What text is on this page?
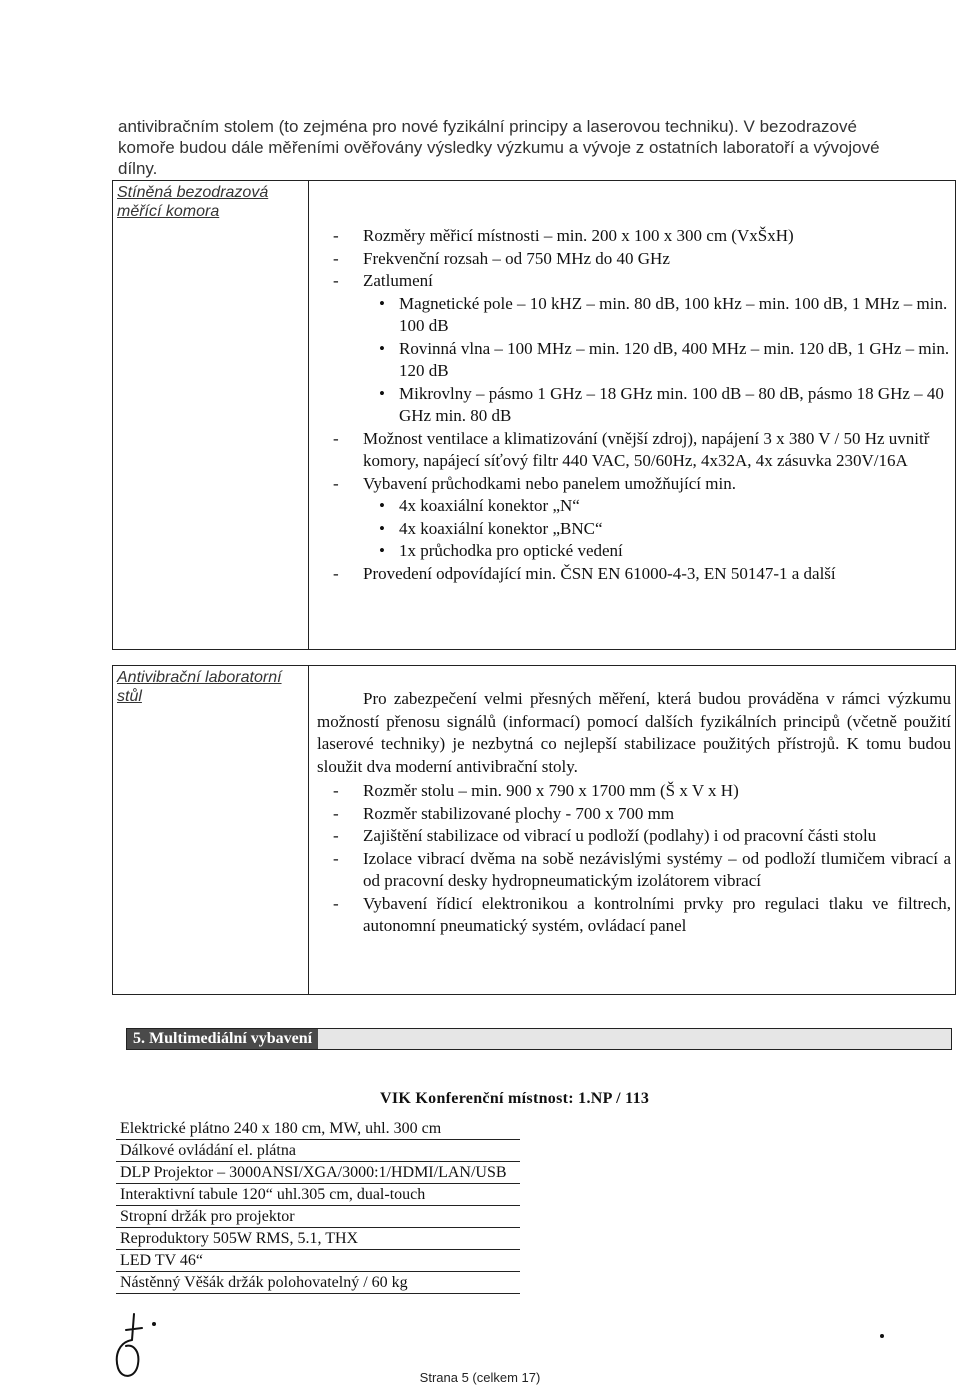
antivibračním stolem (to zejména pro nové fyzikální principy a laserovou techniku). V bezodrazové komoře budou dále měřeními ověřovány výsledky výzkumu a vývoje z ostatních laboratoří a vývojové dílny.
Stíněná bezodrazová měřící komora
- Rozměry měřicí místnosti – min. 200 x 100 x 300 cm (VxŠxH)
- Frekvenční rozsah – od 750 MHz do 40 GHz
- Zatlumení
• Magnetické pole – 10 kHZ – min. 80 dB, 100 kHz – min. 100 dB, 1 MHz – min. 100 dB
• Rovinná vlna – 100 MHz – min. 120 dB, 400 MHz – min. 120 dB, 1 GHz – min. 120 dB
• Mikrovlny – pásmo 1 GHz – 18 GHz min. 100 dB – 80 dB, pásmo 18 GHz – 40 GHz min. 80 dB
- Možnost ventilace a klimatizování (vnější zdroj), napájení 3 x 380 V / 50 Hz uvnitř komory, napájecí síťový filtr 440 VAC, 50/60Hz, 4x32A, 4x zásuvka 230V/16A
- Vybavení průchodkami nebo panelem umožňující min.
• 4x koaxiální konektor „N“
• 4x koaxiální konektor „BNC“
• 1x průchodka pro optické vedení
- Provedení odpovídající min. ČSN EN 61000-4-3, EN 50147-1 a další
Antivibrační laboratorní stůl	Pro zabezpečení velmi přesných měření, která budou prováděna v rámci výzkumu možností přenosu signálů (informací) pomocí dalších fyzikálních principů (včetně použití laserové techniky) je nezbytná co nejlepší stabilizace použitých přístrojů. K tomu budou sloužit dva moderní antivibrační stoly.
- Rozměr stolu – min. 900 x 790 x 1700 mm (Š x V x H)
- Rozměr stabilizované plochy - 700 x 700 mm
- Zajištění stabilizace od vibrací u podloží (podlahy) i od pracovní části stolu
- Izolace vibrací dvěma na sobě nezávislými systémy – od podloží tlumičem vibrací a od pracovní desky hydropneumatickým izolátorem vibrací
- Vybavení řídicí elektronikou a kontrolními prvky pro regulaci tlaku ve filtrech, autonomní pneumatický systém, ovládací panel
5. Multimediální vybavení
VIK Konferenční místnost: 1.NP / 113
Elektrické plátno 240 x 180 cm, MW, uhl. 300 cm
Dálkové ovládání el. plátna
DLP Projektor – 3000ANSI/XGA/3000:1/HDMI/LAN/USB
Interaktivní tabule 120“ uhl.305 cm, dual-touch
Stropní držák pro projektor
Reproduktory 505W RMS, 5.1, THX
LED TV 46“
Nástěnný Věšák držák polohovatelný / 60 kg
Strana 5 (celkem 17)
